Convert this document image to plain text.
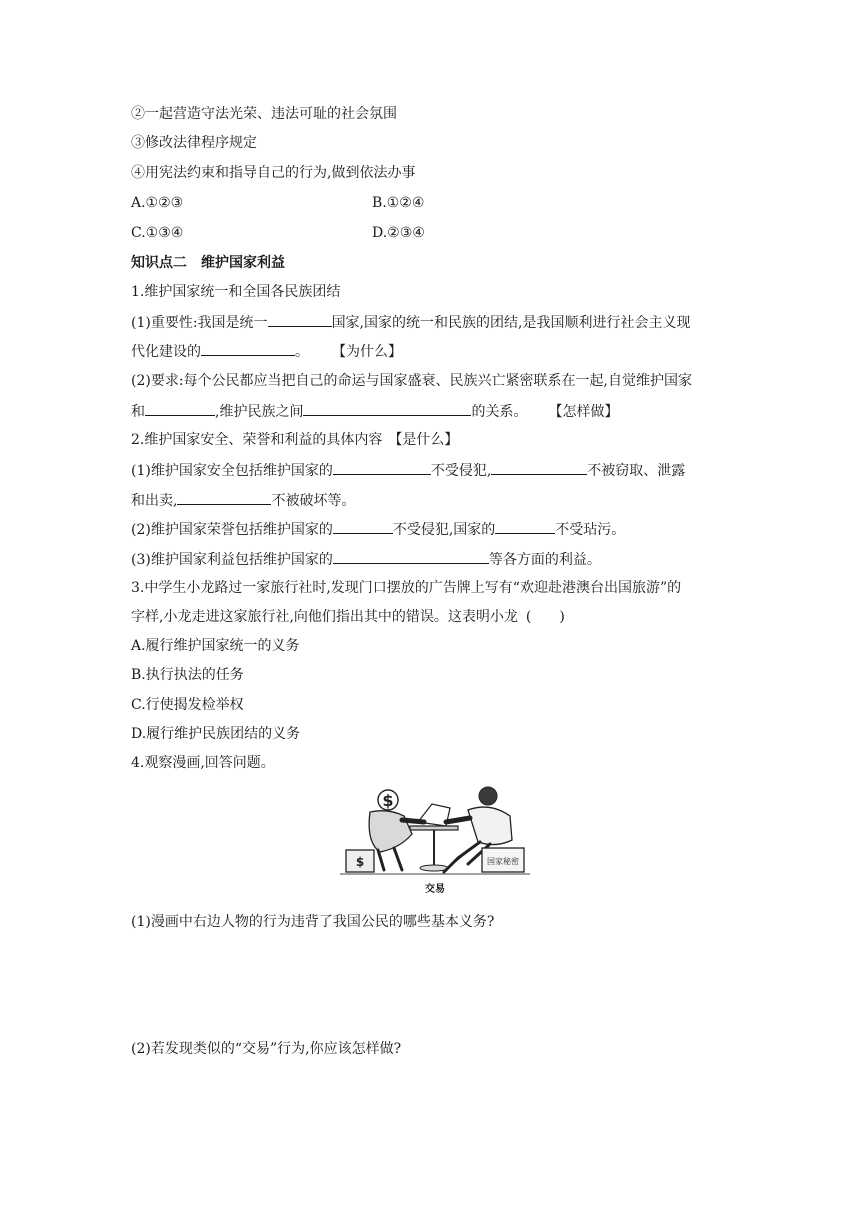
②一起营造守法光荣、违法可耻的社会氛围
③修改法律程序规定
④用宪法约束和指导自己的行为,做到依法办事
A.①②③	B.①②④
C.①③④	D.②③④
知识点二　维护国家利益
1.维护国家统一和全国各民族团结
(1)重要性:我国是统一	国家,国家的统一和民族的团结,是我国顺利进行社会主义现
代化建设的	。 【为什么】
(2)要求:每个公民都应当把自己的命运与国家盛衰、民族兴亡紧密联系在一起,自觉维护国家
和	,维护民族之间	的关系。 【怎样做】
2.维护国家安全、荣誉和利益的具体内容 【是什么】
(1)维护国家安全包括维护国家的	不受侵犯,	不被窃取、泄露
和出卖,	不被破坏等。
(2)维护国家荣誉包括维护国家的	不受侵犯,国家的	不受玷污。
(3)维护国家利益包括维护国家的	等各方面的利益。
3.中学生小龙路过一家旅行社时,发现门口摆放的广告牌上写有“欢迎赴港澳台出国旅游”的
字样,小龙走进这家旅行社,向他们指出其中的错误。这表明小龙 (　　)
A.履行维护国家统一的义务
B.执行执法的任务
C.行使揭发检举权
D.履行维护民族团结的义务
4.观察漫画,回答问题。
$
$	国家秘密
交易
(1)漫画中右边人物的行为违背了我国公民的哪些基本义务?
(2)若发现类似的“交易”行为,你应该怎样做?
